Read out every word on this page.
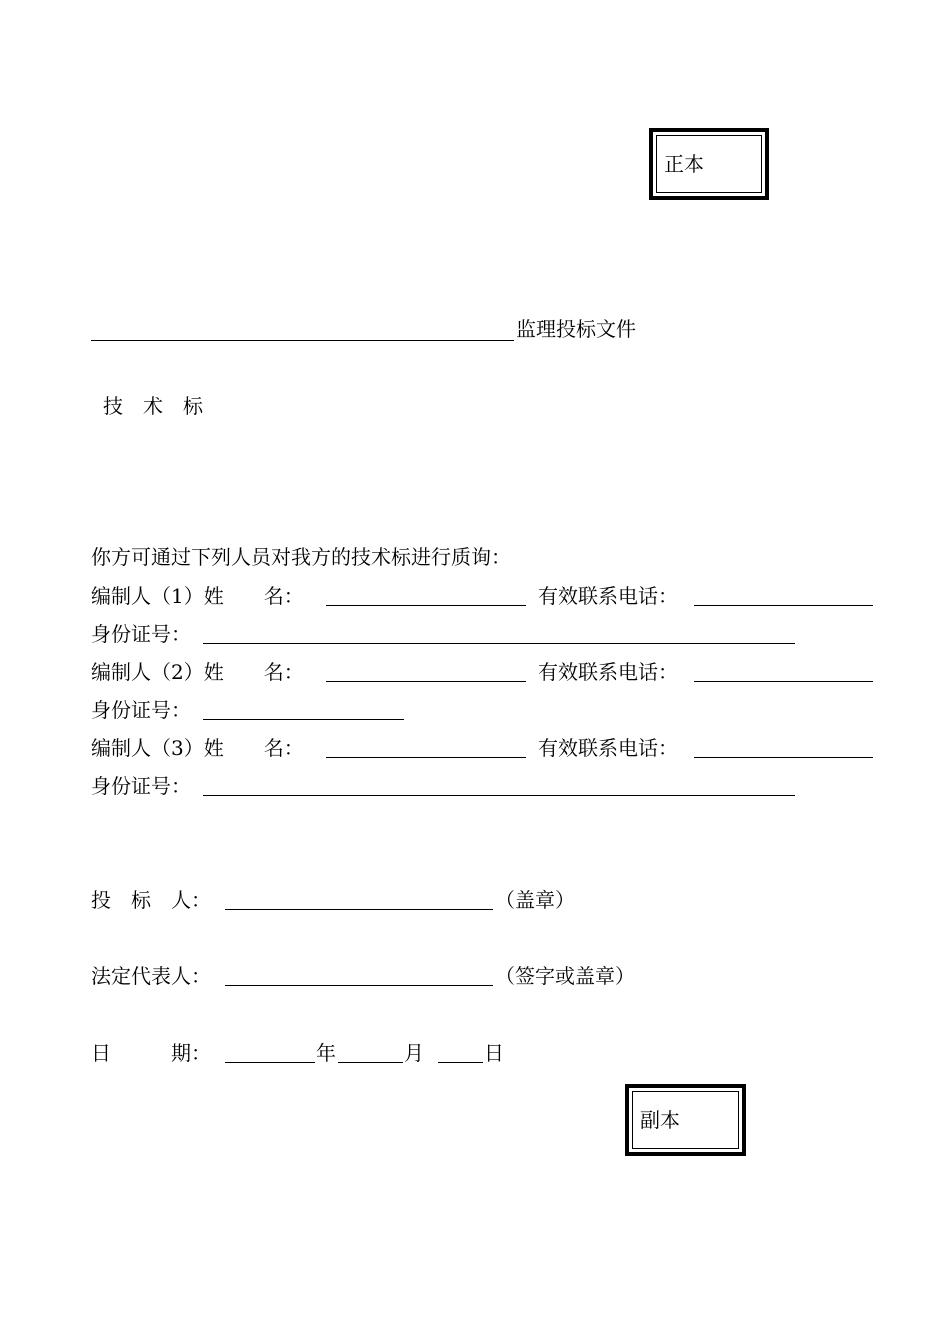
正本
监理投标文件
技　术　标
你方可通过下列人员对我方的技术标进行质询：
编制人（1）姓　　名：	有效联系电话：
身份证号：
编制人（2）姓　　名：	有效联系电话：
身份证号：
编制人（3）姓　　名：	有效联系电话：
身份证号：
投　标　人：	（盖章）
法定代表人：	（签字或盖章）
日　　　期：	年	月	日
副本
